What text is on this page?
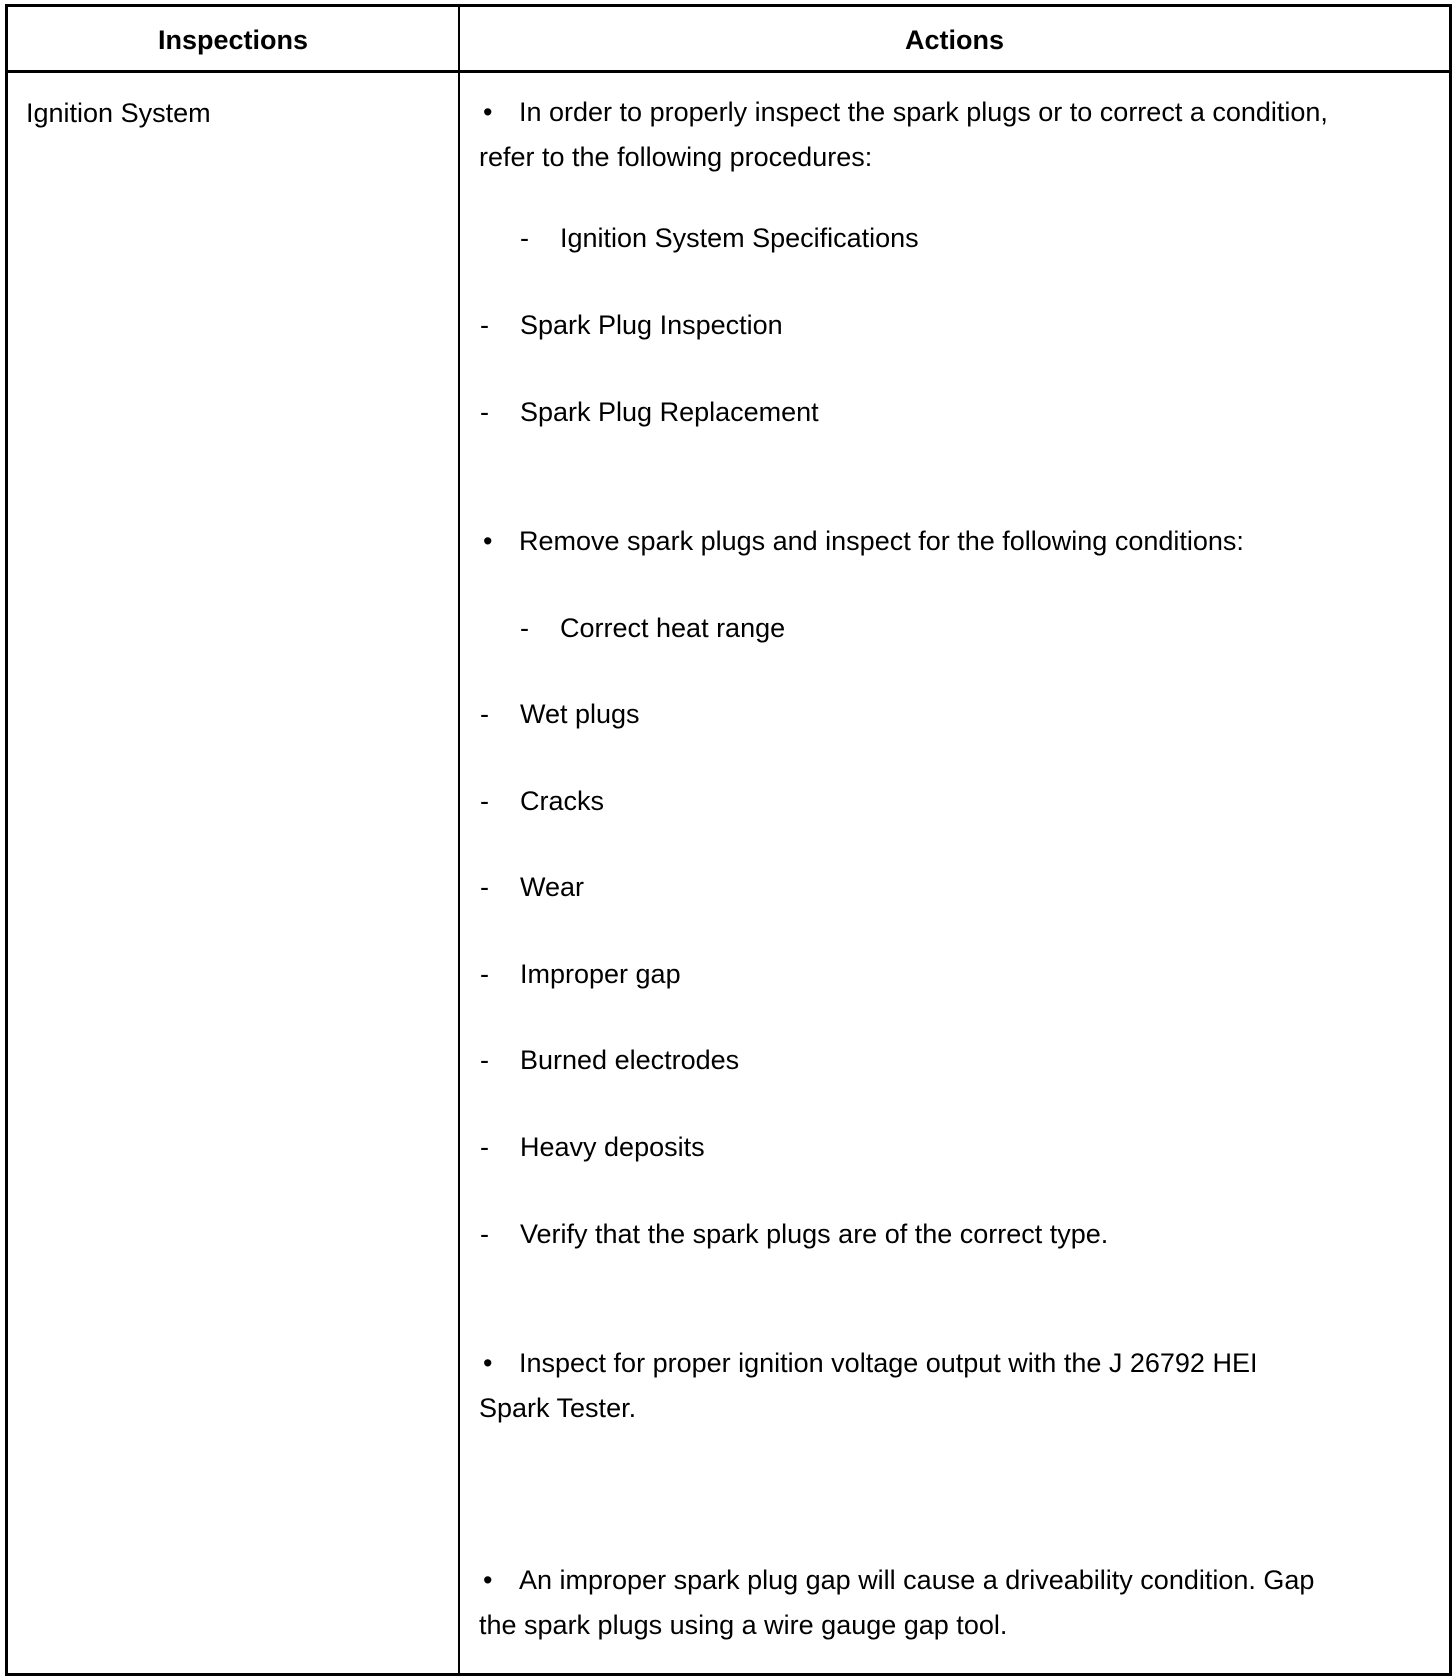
Inspections	Actions
Ignition System	• In order to properly inspect the spark plugs or to correct a condition,
refer to the following procedures:
- Ignition System Specifications
- Spark Plug Inspection
- Spark Plug Replacement
• Remove spark plugs and inspect for the following conditions:
- Correct heat range
- Wet plugs
- Cracks
- Wear
- Improper gap
- Burned electrodes
- Heavy deposits
- Verify that the spark plugs are of the correct type.
• Inspect for proper ignition voltage output with the J 26792 HEI
Spark Tester.
• An improper spark plug gap will cause a driveability condition. Gap
the spark plugs using a wire gauge gap tool.
